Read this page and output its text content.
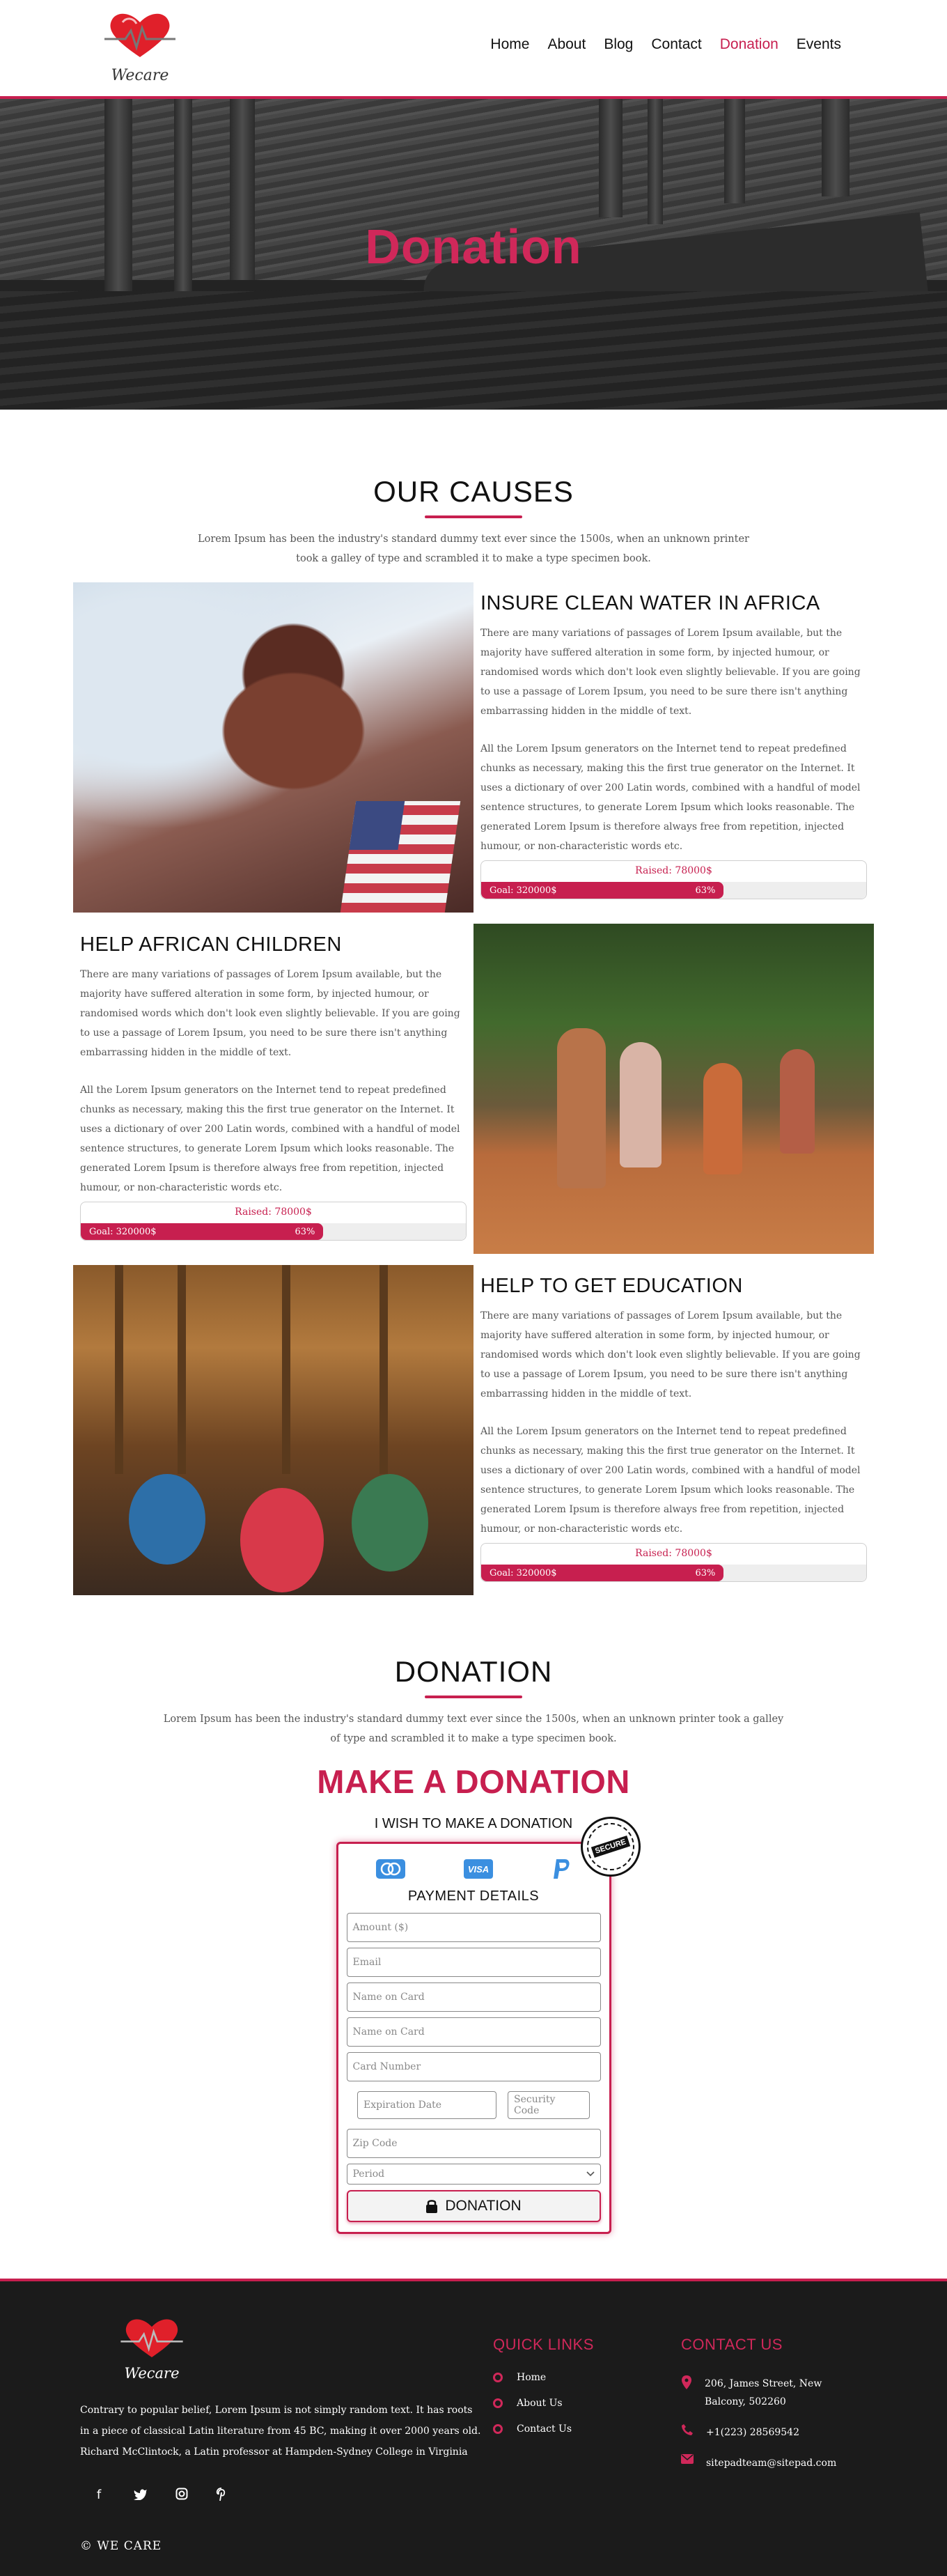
Wecare
Home About Blog Contact Donation Events
Donation
OUR CAUSES

Lorem Ipsum has been the industry's standard dummy text ever since the 1500s, when an unknown printer took a galley of type and scrambled it to make a type specimen book.

INSURE CLEAN WATER IN AFRICA

There are many variations of passages of Lorem Ipsum available, but the majority have suffered alteration in some form, by injected humour, or randomised words which don't look even slightly believable. If you are going to use a passage of Lorem Ipsum, you need to be sure there isn't anything embarrassing hidden in the middle of text.

All the Lorem Ipsum generators on the Internet tend to repeat predefined chunks as necessary, making this the first true generator on the Internet. It uses a dictionary of over 200 Latin words, combined with a handful of model sentence structures, to generate Lorem Ipsum which looks reasonable. The generated Lorem Ipsum is therefore always free from repetition, injected humour, or non-characteristic words etc.

Raised: 78000$
Goal: 320000$	63%
HELP AFRICAN CHILDREN

There are many variations of passages of Lorem Ipsum available, but the majority have suffered alteration in some form, by injected humour, or randomised words which don't look even slightly believable. If you are going to use a passage of Lorem Ipsum, you need to be sure there isn't anything embarrassing hidden in the middle of text.

All the Lorem Ipsum generators on the Internet tend to repeat predefined chunks as necessary, making this the first true generator on the Internet. It uses a dictionary of over 200 Latin words, combined with a handful of model sentence structures, to generate Lorem Ipsum which looks reasonable. The generated Lorem Ipsum is therefore always free from repetition, injected humour, or non-characteristic words etc.

Raised: 78000$
Goal: 320000$	63%
HELP TO GET EDUCATION

There are many variations of passages of Lorem Ipsum available, but the majority have suffered alteration in some form, by injected humour, or randomised words which don't look even slightly believable. If you are going to use a passage of Lorem Ipsum, you need to be sure there isn't anything embarrassing hidden in the middle of text.

All the Lorem Ipsum generators on the Internet tend to repeat predefined chunks as necessary, making this the first true generator on the Internet. It uses a dictionary of over 200 Latin words, combined with a handful of model sentence structures, to generate Lorem Ipsum which looks reasonable. The generated Lorem Ipsum is therefore always free from repetition, injected humour, or non-characteristic words etc.

Raised: 78000$
Goal: 320000$	63%
DONATION

Lorem Ipsum has been the industry's standard dummy text ever since the 1500s, when an unknown printer took a galley of type and scrambled it to make a type specimen book.

MAKE A DONATION
I WISH TO MAKE A DONATION
SECURE
VISA
PAYMENT DETAILS
Amount ($)
Email
Name on Card
Name on Card
Card Number
Expiration Date	Security Code
Zip Code
Period
DONATION
Wecare

Contrary to popular belief, Lorem Ipsum is not simply random text. It has roots in a piece of classical Latin literature from 45 BC, making it over 2000 years old. Richard McClintock, a Latin professor at Hampden-Sydney College in Virginia

f
© WE CARE
QUICK LINKS
Home
About Us
Contact Us
CONTACT US
206, James Street, New Balcony, 502260
+1(223) 28569542
sitepadteam@sitepad.com
